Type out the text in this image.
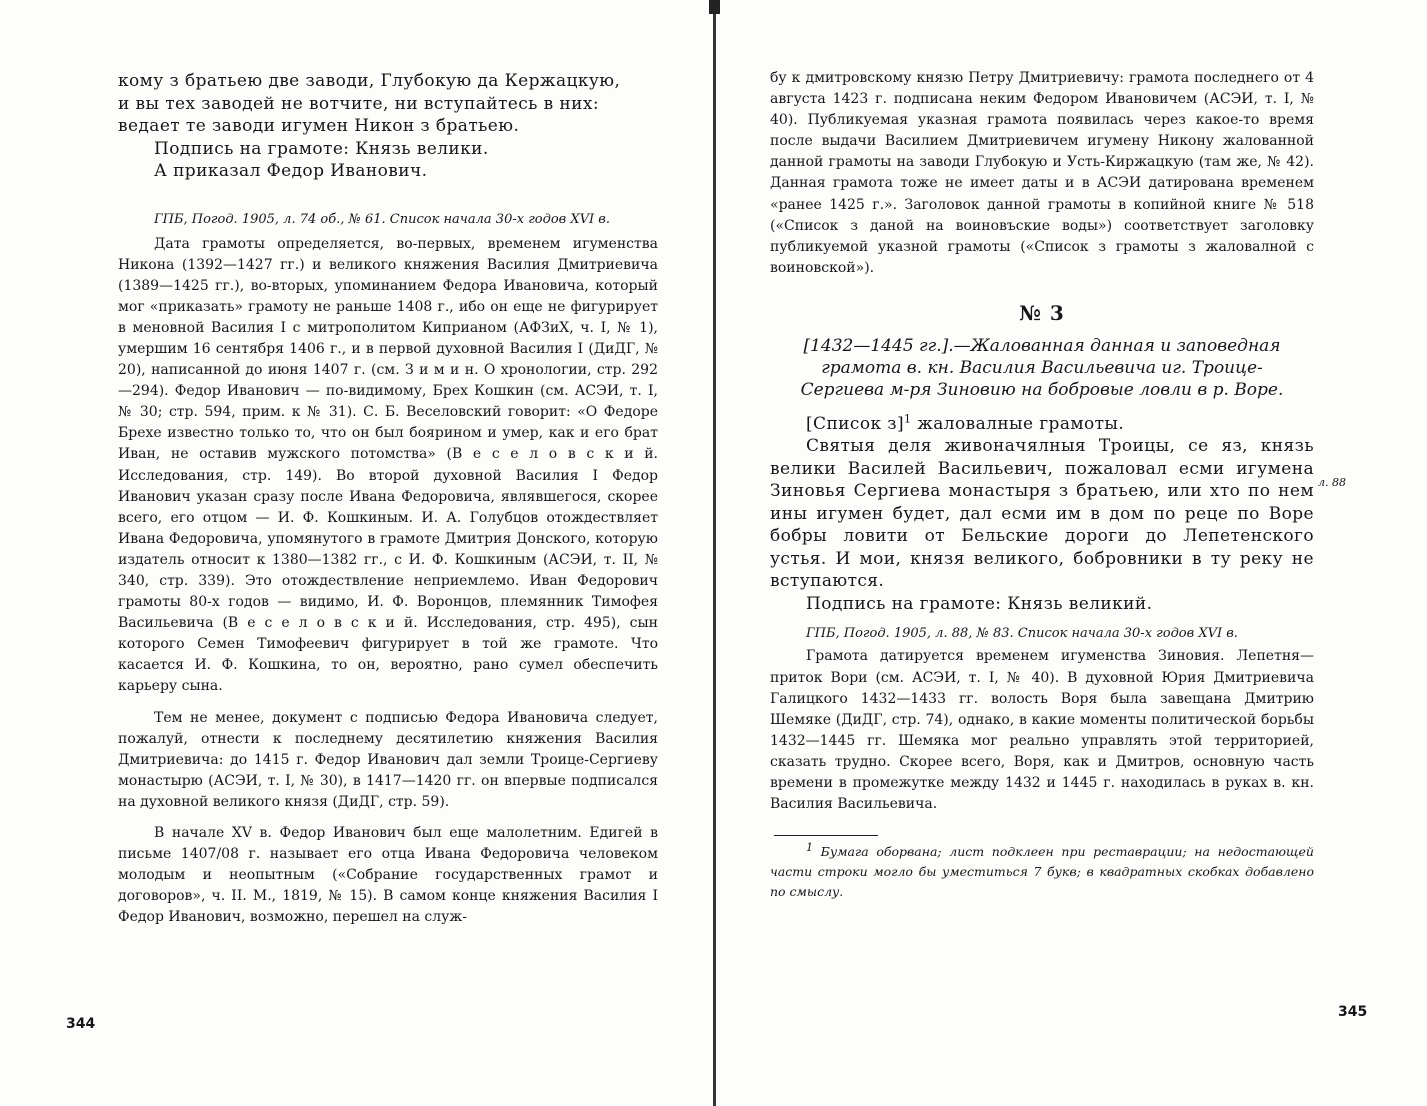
кому з братьею две заводи, Глубокую да Кержацкую,

и вы тех заводей не вотчите, ни вступайтесь в них:

ведает те заводи игумен Никон з братьею.

Подпись на грамоте: Князь велики.

А приказал Федор Иванович.

ГПБ, Погод. 1905, л. 74 об., № 61. Список начала 30-х годов XVI в.

Дата грамоты определяется, во-первых, временем игуменства Никона (1392—1427 гг.) и великого княжения Василия Дмитриевича (1389—1425 гг.), во-вторых, упоминанием Федора Ивановича, который мог «приказать» грамоту не раньше 1408 г., ибо он еще не фигурирует в меновной Василия I с митрополитом Киприаном (АФЗиХ, ч. I, № 1), умершим 16 сентября 1406 г., и в первой духовной Василия I (ДиДГ, № 20), написанной до июня 1407 г. (см. З и м и н. О хронологии, стр. 292—294). Федор Иванович — по-видимому, Брех Кошкин (см. АСЭИ, т. I, № 30; стр. 594, прим. к № 31). С. Б. Веселовский говорит: «О Федоре Брехе известно только то, что он был боярином и умер, как и его брат Иван, не оставив мужского потомства» (В е с е л о в с к и й. Исследования, стр. 149). Во второй духовной Василия I Федор Иванович указан сразу после Ивана Федоровича, являвшегося, скорее всего, его отцом — И. Ф. Кошкиным. И. А. Голубцов отождествляет Ивана Федоровича, упомянутого в грамоте Дмитрия Донского, которую издатель относит к 1380—1382 гг., с И. Ф. Кошкиным (АСЭИ, т. II, № 340, стр. 339). Это отождествление неприемлемо. Иван Федорович грамоты 80-х годов — видимо, И. Ф. Воронцов, племянник Тимофея Васильевича (В е с е л о в с к и й. Исследования, стр. 495), сын которого Семен Тимофеевич фигурирует в той же грамоте. Что касается И. Ф. Кошкина, то он, вероятно, рано сумел обеспечить карьеру сына.

Тем не менее, документ с подписью Федора Ивановича следует, пожалуй, отнести к последнему десятилетию княжения Василия Дмитриевича: до 1415 г. Федор Иванович дал земли Троице-Сергиеву монастырю (АСЭИ, т. I, № 30), в 1417—1420 гг. он впервые подписался на духовной великого князя (ДиДГ, стр. 59).

В начале XV в. Федор Иванович был еще малолетним. Едигей в письме 1407/08 г. называет его отца Ивана Федоровича человеком молодым и неопытным («Собрание государственных грамот и договоров», ч. II. М., 1819, № 15). В самом конце княжения Василия I Федор Иванович, возможно, перешел на служ-

344

бу к дмитровскому князю Петру Дмитриевичу: грамота последнего от 4 августа 1423 г. подписана неким Федором Ивановичем (АСЭИ, т. I, № 40). Публикуемая указная грамота появилась через какое-то время после выдачи Василием Дмитриевичем игумену Никону жалованной данной грамоты на заводи Глубокую и Усть-Киржацкую (там же, № 42). Данная грамота тоже не имеет даты и в АСЭИ датирована временем «ранее 1425 г.». Заголовок данной грамоты в копийной книге № 518 («Список з даной на воиновъские воды») соответствует заголовку публикуемой указной грамоты («Список з грамоты з жаловалной с воиновской»).

№ 3

[1432—1445 гг.].—Жалованная данная и заповедная грамота в. кн. Василия Васильевича иг. Троице-Сергиева м-ря Зиновию на бобровые ловли в р. Воре.

[Список з]$^1$ жаловалные грамоты.

Святыя деля живоначялныя Троицы, се яз, князь велики Василей Васильевич, пожаловал есми игумена Зиновья Сергиева монастыря з братьею, или хто по нем ины игумен будет, дал есми им в дом по реце по Воре бобры ловити от Бельские дороги до Лепетенского устья. И мои, князя великого, бобровники в ту реку не вступаются.

Подпись на грамоте: Князь великий.

ГПБ, Погод. 1905, л. 88, № 83. Список начала 30-х годов XVI в.

Грамота датируется временем игуменства Зиновия. Лепетня—приток Вори (см. АСЭИ, т. I, № 40). В духовной Юрия Дмитриевича Галицкого 1432—1433 гг. волость Воря была завещана Дмитрию Шемяке (ДиДГ, стр. 74), однако, в какие моменты политической борьбы 1432—1445 гг. Шемяка мог реально управлять этой территорией, сказать трудно. Скорее всего, Воря, как и Дмитров, основную часть времени в промежутке между 1432 и 1445 г. находилась в руках в. кн. Василия Васильевича.

$^1$ Бумага оборвана; лист подклеен при реставрации; на недостающей части строки могло бы уместиться 7 букв; в квадратных скобках добавлено по смыслу.

л. 88
345
